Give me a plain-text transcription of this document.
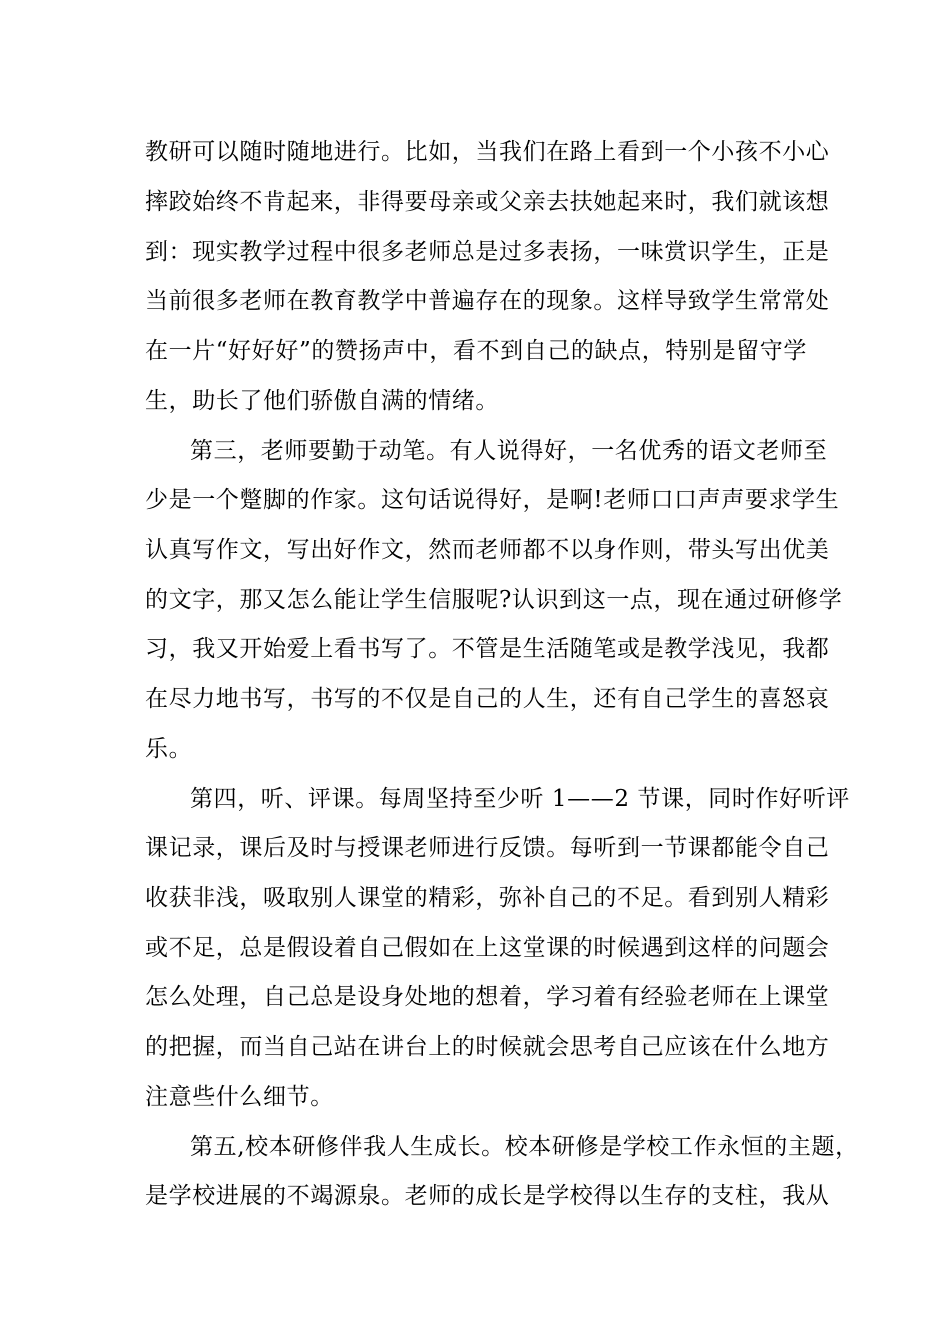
教研可以随时随地进行。比如，当我们在路上看到一个小孩不小心
摔跤始终不肯起来，非得要母亲或父亲去扶她起来时，我们就该想
到：现实教学过程中很多老师总是过多表扬，一味赏识学生，正是
当前很多老师在教育教学中普遍存在的现象。这样导致学生常常处
在一片“好好好”的赞扬声中，看不到自己的缺点，特别是留守学
生，助长了他们骄傲自满的情绪。
第三，老师要勤于动笔。有人说得好，一名优秀的语文老师至
少是一个蹩脚的作家。这句话说得好，是啊!老师口口声声要求学生
认真写作文，写出好作文，然而老师都不以身作则，带头写出优美
的文字，那又怎么能让学生信服呢?认识到这一点，现在通过研修学
习，我又开始爱上看书写了。不管是生活随笔或是教学浅见，我都
在尽力地书写，书写的不仅是自己的人生，还有自己学生的喜怒哀
乐。
第四，听、评课。每周坚持至少听 1——2 节课，同时作好听评
课记录，课后及时与授课老师进行反馈。每听到一节课都能令自己
收获非浅，吸取别人课堂的精彩，弥补自己的不足。看到别人精彩
或不足，总是假设着自己假如在上这堂课的时候遇到这样的问题会
怎么处理，自己总是设身处地的想着，学习着有经验老师在上课堂
的把握，而当自己站在讲台上的时候就会思考自己应该在什么地方
注意些什么细节。
第五,校本研修伴我人生成长。校本研修是学校工作永恒的主题，
是学校进展的不竭源泉。老师的成长是学校得以生存的支柱，我从
